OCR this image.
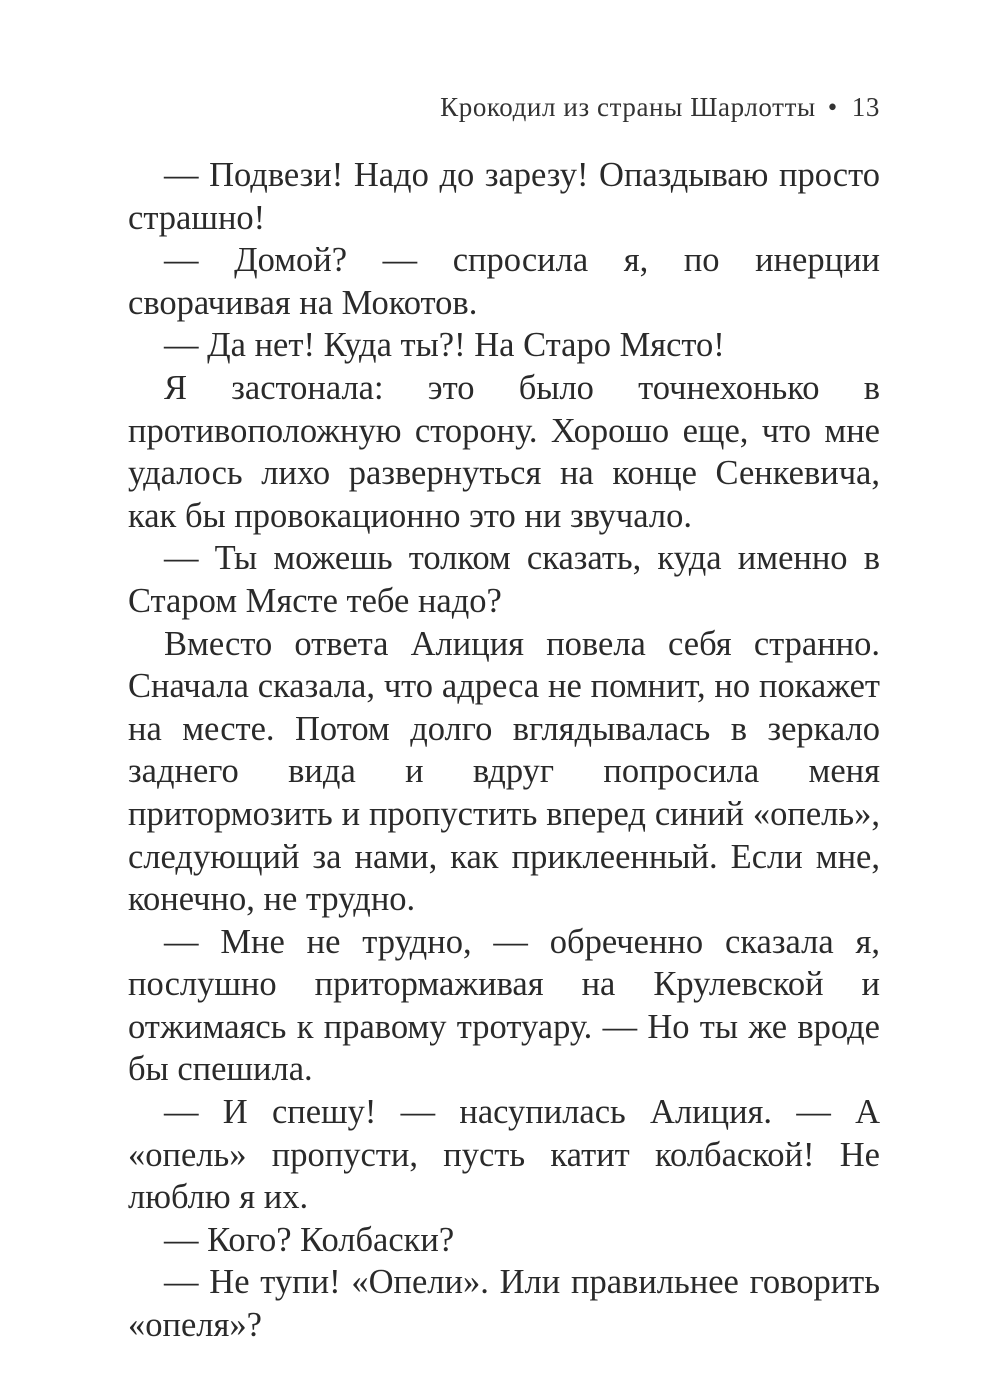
Крокодил из страны Шарлотты • 13

— Подвези! Надо до зарезу! Опаздываю просто страшно!

— Домой? — спросила я, по инерции сворачивая на Мокотов.

— Да нет! Куда ты?! На Старо Място!

Я застонала: это было точнехонько в противоположную сторону. Хорошо еще, что мне удалось лихо развернуться на конце Сенкевича, как бы провокационно это ни звучало.

— Ты можешь толком сказать, куда именно в Старом Мясте тебе надо?

Вместо ответа Алиция повела себя странно. Сначала сказала, что адреса не помнит, но покажет на месте. Потом долго вглядывалась в зеркало заднего вида и вдруг попросила меня притормозить и пропустить вперед синий «опель», следующий за нами, как приклеенный. Если мне, конечно, не трудно.

— Мне не трудно, — обреченно сказала я, послушно притормаживая на Крулевской и отжимаясь к правому тротуару. — Но ты же вроде бы спешила.

— И спешу! — насупилась Алиция. — А «опель» пропусти, пусть катит колбаской! Не люблю я их.

— Кого? Колбаски?

— Не тупи! «Опели». Или правильнее говорить «опеля»?
